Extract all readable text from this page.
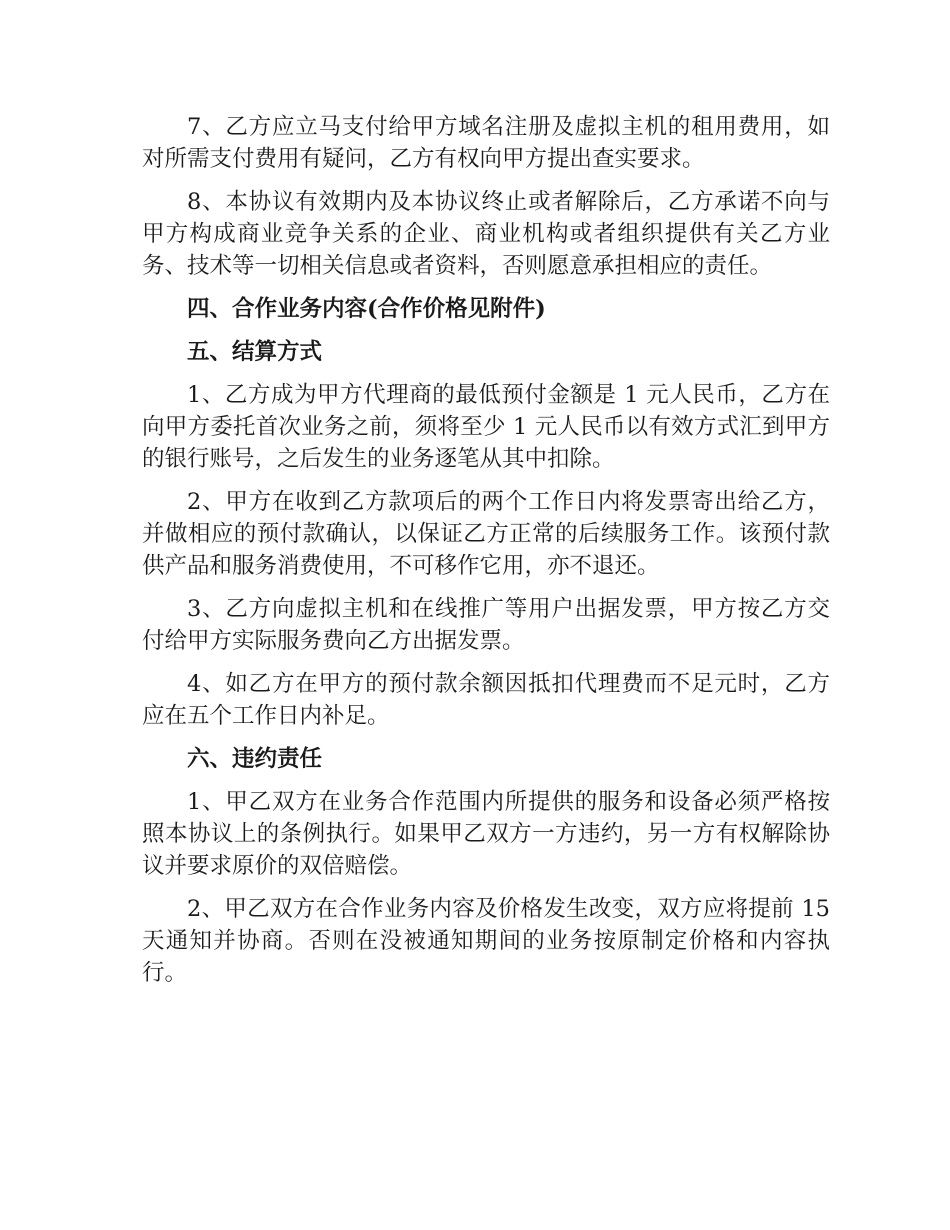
7、乙方应立马支付给甲方域名注册及虚拟主机的租用费用，如对所需支付费用有疑问，乙方有权向甲方提出查实要求。

8、本协议有效期内及本协议终止或者解除后，乙方承诺不向与甲方构成商业竞争关系的企业、商业机构或者组织提供有关乙方业务、技术等一切相关信息或者资料，否则愿意承担相应的责任。

四、合作业务内容(合作价格见附件)

五、结算方式

1、乙方成为甲方代理商的最低预付金额是 1 元人民币，乙方在向甲方委托首次业务之前，须将至少 1 元人民币以有效方式汇到甲方的银行账号，之后发生的业务逐笔从其中扣除。

2、甲方在收到乙方款项后的两个工作日内将发票寄出给乙方，并做相应的预付款确认，以保证乙方正常的后续服务工作。该预付款供产品和服务消费使用，不可移作它用，亦不退还。

3、乙方向虚拟主机和在线推广等用户出据发票，甲方按乙方交付给甲方实际服务费向乙方出据发票。

4、如乙方在甲方的预付款余额因抵扣代理费而不足元时，乙方应在五个工作日内补足。

六、违约责任

1、甲乙双方在业务合作范围内所提供的服务和设备必须严格按照本协议上的条例执行。如果甲乙双方一方违约，另一方有权解除协议并要求原价的双倍赔偿。

2、甲乙双方在合作业务内容及价格发生改变，双方应将提前 15 天通知并协商。否则在没被通知期间的业务按原制定价格和内容执行。
